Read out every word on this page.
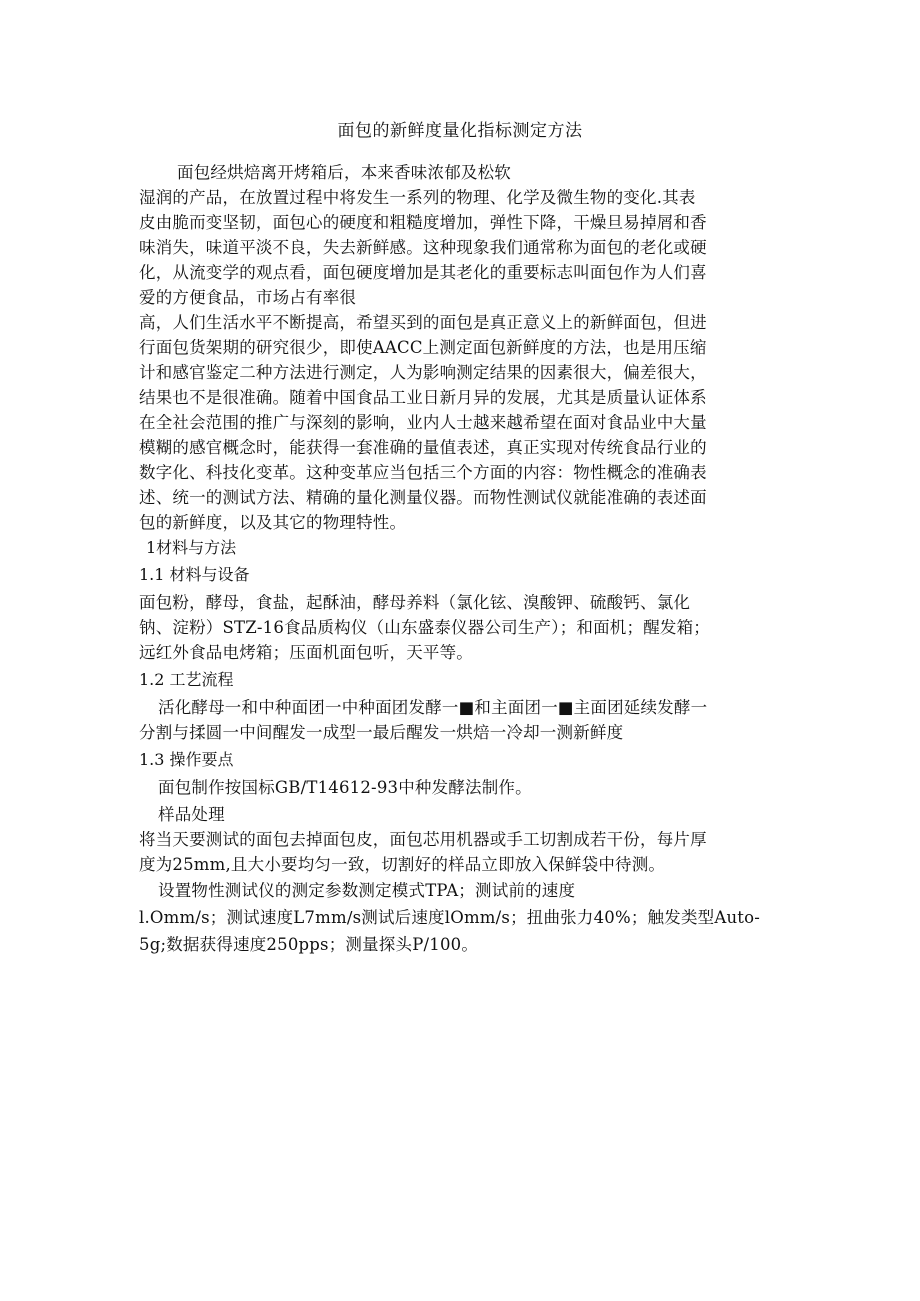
面包的新鲜度量化指标测定方法
面包经烘焙离开烤箱后，本来香味浓郁及松软
湿润的产品，在放置过程中将发生一系列的物理、化学及微生物的变化.其表
皮由脆而变坚韧，面包心的硬度和粗糙度增加，弹性下降，干燥旦易掉屑和香
味消失，味道平淡不良，失去新鲜感。这种现象我们通常称为面包的老化或硬
化，从流变学的观点看，面包硬度增加是其老化的重要标志叫面包作为人们喜
爱的方便食品，市场占有率很
高，人们生活水平不断提高，希望买到的面包是真正意义上的新鲜面包，但进
行面包货架期的研究很少，即使AACC上测定面包新鲜度的方法，也是用压缩
计和感官鉴定二种方法进行测定，人为影响测定结果的因素很大，偏差很大，
结果也不是很准确。随着中国食品工业日新月异的发展，尤其是质量认证体系
在全社会范围的推广与深刻的影响，业内人士越来越希望在面对食品业中大量
模糊的感官概念时，能获得一套准确的量值表述，真正实现对传统食品行业的
数字化、科技化变革。这种变革应当包括三个方面的内容：物性概念的准确表
述、统一的测试方法、精确的量化测量仪器。而物性测试仪就能准确的表述面
包的新鲜度，以及其它的物理特性。
1材料与方法
1.1 材料与设备
面包粉，酵母，食盐，起酥油，酵母养料（氯化铉、溴酸钾、硫酸钙、氯化
钠、淀粉）STZ-16食品质构仪（山东盛泰仪器公司生产）；和面机；醒发箱；
远红外食品电烤箱；压面机面包听，天平等。
1.2 工艺流程
活化酵母一和中种面团一中种面团发酵一■和主面团一■主面团延续发酵一
分割与揉圆一中间醒发一成型一最后醒发一烘焙一冷却一测新鲜度
1.3 操作要点
面包制作按国标GB/T14612-93中种发酵法制作。
样品处理
将当天要测试的面包去掉面包皮，面包芯用机器或手工切割成若干份，每片厚
度为25mm,且大小要均匀一致，切割好的样品立即放入保鲜袋中待测。
设置物性测试仪的测定参数测定模式TPA；测试前的速度
l.Omm/s；测试速度L7mm∕s测试后速度lOmm/s；扭曲张力40%；触发类型Auto-
5g;数据获得速度250pps；测量探头P/100。
